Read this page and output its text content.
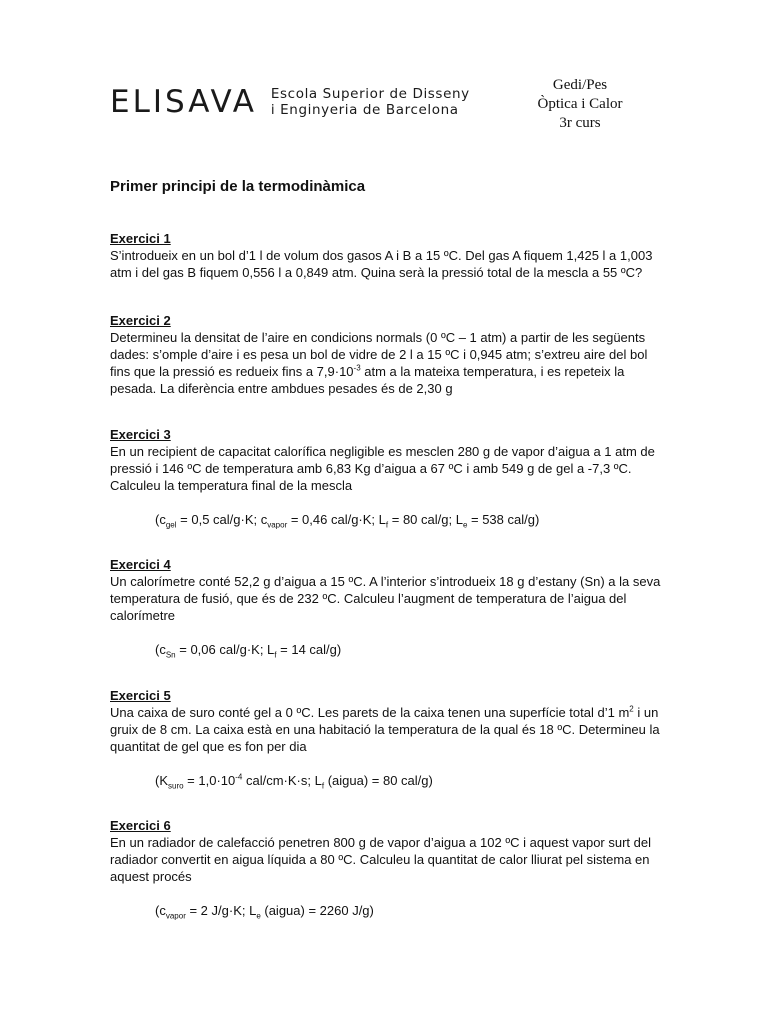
ELISAVA Escola Superior de Disseny
i Enginyeria de Barcelona
Gedi/Pes
Òptica i Calor
3r curs
Primer principi de la termodinàmica
Exercici 1
S’introdueix en un bol d’1 l de volum dos gasos A i B a 15 ºC. Del gas A fiquem 1,425 l a 1,003 atm i del gas B fiquem 0,556 l a 0,849 atm. Quina serà la pressió total de la mescla a 55 ºC?
Exercici 2
Determineu la densitat de l’aire en condicions normals (0 ºC – 1 atm) a partir de les següents dades: s’omple d’aire i es pesa un bol de vidre de 2 l a 15 ºC i 0,945 atm; s’extreu aire del bol fins que la pressió es redueix fins a $7,9\cdot 10^{-3}$ atm a la mateixa temperatura, i es repeteix la pesada. La diferència entre ambdues pesades és de 2,30 g
Exercici 3
En un recipient de capacitat calorífica negligible es mesclen 280 g de vapor d’aigua a 1 atm de pressió i 146 ºC de temperatura amb 6,83 Kg d’aigua a 67 ºC i amb 549 g de gel a -7,3 ºC. Calculeu la temperatura final de la mescla
($c_{gel} = 0,5$ cal/g·K; $c_{vapor} = 0,46$ cal/g·K; $L_f = 80$ cal/g; $L_e = 538$ cal/g)
Exercici 4
Un calorímetre conté 52,2 g d’aigua a 15 ºC. A l’interior s’introdueix 18 g d’estany (Sn) a la seva temperatura de fusió, que és de 232 ºC. Calculeu l’augment de temperatura de l’aigua del calorímetre
($c_{Sn} = 0,06$ cal/g·K; $L_f = 14$ cal/g)
Exercici 5
Una caixa de suro conté gel a 0 ºC. Les parets de la caixa tenen una superfície total d’1 $m^2$ i un gruix de 8 cm. La caixa està en una habitació la temperatura de la qual és 18 ºC. Determineu la quantitat de gel que es fon per dia
($K_{suro} = 1,0\cdot 10^{-4}$ cal/cm·K·s; $L_f$ (aigua) = 80 cal/g)
Exercici 6
En un radiador de calefacció penetren 800 g de vapor d’aigua a 102 ºC i aquest vapor surt del radiador convertit en aigua líquida a 80 ºC. Calculeu la quantitat de calor lliurat pel sistema en aquest procés
($c_{vapor} = 2$ J/g·K; $L_e$ (aigua) = 2260 J/g)
